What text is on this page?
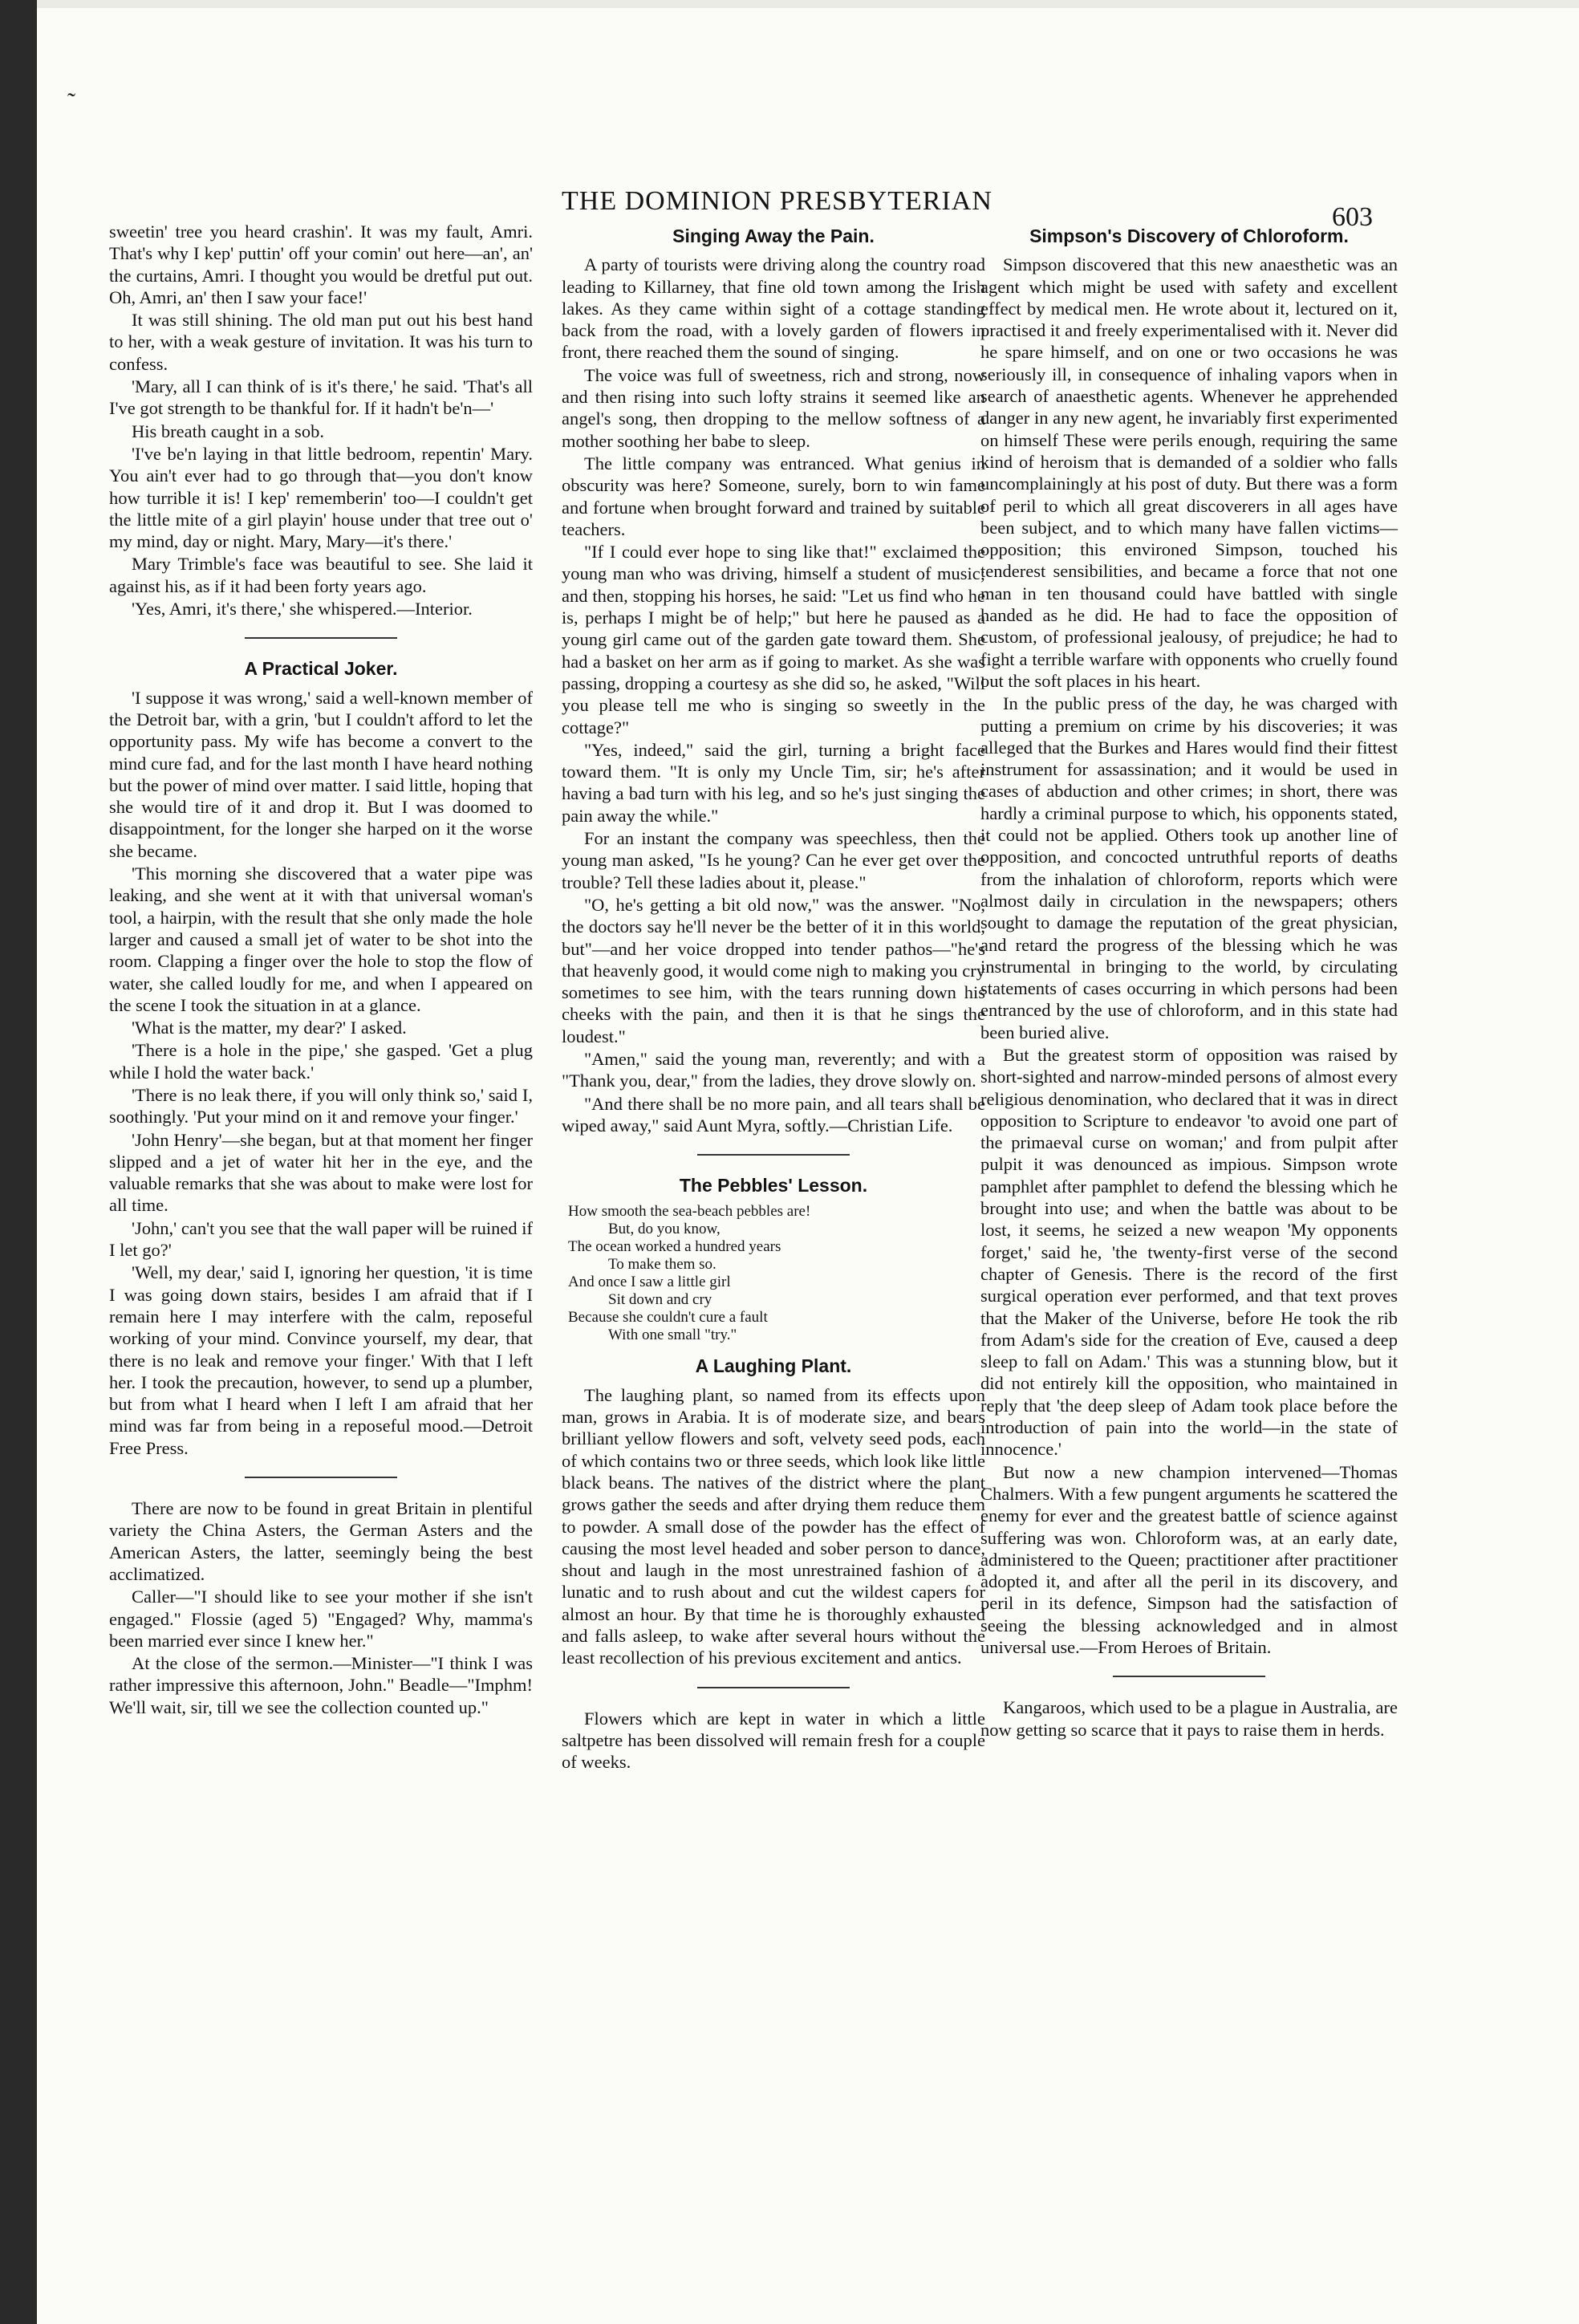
˜
THE DOMINION PRESBYTERIAN
603

sweetin' tree you heard crashin'. It was my fault, Amri. That's why I kep' puttin' off your comin' out here—an', an' the curtains, Amri. I thought you would be dretful put out. Oh, Amri, an' then I saw your face!'

It was still shining. The old man put out his best hand to her, with a weak gesture of invitation. It was his turn to confess.

'Mary, all I can think of is it's there,' he said. 'That's all I've got strength to be thankful for. If it hadn't be'n—'

His breath caught in a sob.

'I've be'n laying in that little bedroom, repentin' Mary. You ain't ever had to go through that—you don't know how turrible it is! I kep' rememberin' too—I couldn't get the little mite of a girl playin' house under that tree out o' my mind, day or night. Mary, Mary—it's there.'

Mary Trimble's face was beautiful to see. She laid it against his, as if it had been forty years ago.

'Yes, Amri, it's there,' she whispered.—Interior.

A Practical Joker.

'I suppose it was wrong,' said a well-known member of the Detroit bar, with a grin, 'but I couldn't afford to let the opportunity pass. My wife has become a convert to the mind cure fad, and for the last month I have heard nothing but the power of mind over matter. I said little, hoping that she would tire of it and drop it. But I was doomed to disappointment, for the longer she harped on it the worse she became.

'This morning she discovered that a water pipe was leaking, and she went at it with that universal woman's tool, a hairpin, with the result that she only made the hole larger and caused a small jet of water to be shot into the room. Clapping a finger over the hole to stop the flow of water, she called loudly for me, and when I appeared on the scene I took the situation in at a glance.

'What is the matter, my dear?' I asked.

'There is a hole in the pipe,' she gasped. 'Get a plug while I hold the water back.'

'There is no leak there, if you will only think so,' said I, soothingly. 'Put your mind on it and remove your finger.'

'John Henry'—she began, but at that moment her finger slipped and a jet of water hit her in the eye, and the valuable remarks that she was about to make were lost for all time.

'John,' can't you see that the wall paper will be ruined if I let go?'

'Well, my dear,' said I, ignoring her question, 'it is time I was going down stairs, besides I am afraid that if I remain here I may interfere with the calm, reposeful working of your mind. Convince yourself, my dear, that there is no leak and remove your finger.' With that I left her. I took the precaution, however, to send up a plumber, but from what I heard when I left I am afraid that her mind was far from being in a reposeful mood.—Detroit Free Press.

There are now to be found in great Britain in plentiful variety the China Asters, the German Asters and the American Asters, the latter, seemingly being the best acclimatized.

Caller—"I should like to see your mother if she isn't engaged." Flossie (aged 5) "Engaged? Why, mamma's been married ever since I knew her."

At the close of the sermon.—Minister—"I think I was rather impressive this afternoon, John." Beadle—"Imphm! We'll wait, sir, till we see the collection counted up."

Singing Away the Pain.

A party of tourists were driving along the country road leading to Killarney, that fine old town among the Irish lakes. As they came within sight of a cottage standing back from the road, with a lovely garden of flowers in front, there reached them the sound of singing.

The voice was full of sweetness, rich and strong, now and then rising into such lofty strains it seemed like an angel's song, then dropping to the mellow softness of a mother soothing her babe to sleep.

The little company was entranced. What genius in obscurity was here? Someone, surely, born to win fame and fortune when brought forward and trained by suitable teachers.

"If I could ever hope to sing like that!" exclaimed the young man who was driving, himself a student of music; and then, stopping his horses, he said: "Let us find who he is, perhaps I might be of help;" but here he paused as a young girl came out of the garden gate toward them. She had a basket on her arm as if going to market. As she was passing, dropping a courtesy as she did so, he asked, "Will you please tell me who is singing so sweetly in the cottage?"

"Yes, indeed," said the girl, turning a bright face toward them. "It is only my Uncle Tim, sir; he's after having a bad turn with his leg, and so he's just singing the pain away the while."

For an instant the company was speechless, then the young man asked, "Is he young? Can he ever get over the trouble? Tell these ladies about it, please."

"O, he's getting a bit old now," was the answer. "No, the doctors say he'll never be the better of it in this world, but"—and her voice dropped into tender pathos—"he's that heavenly good, it would come nigh to making you cry sometimes to see him, with the tears running down his cheeks with the pain, and then it is that he sings the loudest."

"Amen," said the young man, reverently; and with a "Thank you, dear," from the ladies, they drove slowly on.

"And there shall be no more pain, and all tears shall be wiped away," said Aunt Myra, softly.—Christian Life.

The Pebbles' Lesson.
How smooth the sea-beach pebbles are!
But, do you know,
The ocean worked a hundred years
To make them so.
And once I saw a little girl
Sit down and cry
Because she couldn't cure a fault
With one small "try."
A Laughing Plant.

The laughing plant, so named from its effects upon man, grows in Arabia. It is of moderate size, and bears brilliant yellow flowers and soft, velvety seed pods, each of which contains two or three seeds, which look like little black beans. The natives of the district where the plant grows gather the seeds and after drying them reduce them to powder. A small dose of the powder has the effect of causing the most level headed and sober person to dance, shout and laugh in the most unrestrained fashion of a lunatic and to rush about and cut the wildest capers for almost an hour. By that time he is thoroughly exhausted and falls asleep, to wake after several hours without the least recollection of his previous excitement and antics.

Flowers which are kept in water in which a little saltpetre has been dissolved will remain fresh for a couple of weeks.

Simpson's Discovery of Chloroform.

Simpson discovered that this new anaesthetic was an agent which might be used with safety and excellent effect by medical men. He wrote about it, lectured on it, practised it and freely experimentalised with it. Never did he spare himself, and on one or two occasions he was seriously ill, in consequence of inhaling vapors when in search of anaesthetic agents. Whenever he apprehended danger in any new agent, he invariably first experimented on himself These were perils enough, requiring the same kind of heroism that is demanded of a soldier who falls uncomplainingly at his post of duty. But there was a form of peril to which all great discoverers in all ages have been subject, and to which many have fallen victims—opposition; this environed Simpson, touched his tenderest sensibilities, and became a force that not one man in ten thousand could have battled with single handed as he did. He had to face the opposition of custom, of professional jealousy, of prejudice; he had to fight a terrible warfare with opponents who cruelly found out the soft places in his heart.

In the public press of the day, he was charged with putting a premium on crime by his discoveries; it was alleged that the Burkes and Hares would find their fittest instrument for assassination; and it would be used in cases of abduction and other crimes; in short, there was hardly a criminal purpose to which, his opponents stated, it could not be applied. Others took up another line of opposition, and concocted untruthful reports of deaths from the inhalation of chloroform, reports which were almost daily in circulation in the newspapers; others sought to damage the reputation of the great physician, and retard the progress of the blessing which he was instrumental in bringing to the world, by circulating statements of cases occurring in which persons had been entranced by the use of chloroform, and in this state had been buried alive.

But the greatest storm of opposition was raised by short-sighted and narrow-minded persons of almost every religious denomination, who declared that it was in direct opposition to Scripture to endeavor 'to avoid one part of the primaeval curse on woman;' and from pulpit after pulpit it was denounced as impious. Simpson wrote pamphlet after pamphlet to defend the blessing which he brought into use; and when the battle was about to be lost, it seems, he seized a new weapon 'My opponents forget,' said he, 'the twenty-first verse of the second chapter of Genesis. There is the record of the first surgical operation ever performed, and that text proves that the Maker of the Universe, before He took the rib from Adam's side for the creation of Eve, caused a deep sleep to fall on Adam.' This was a stunning blow, but it did not entirely kill the opposition, who maintained in reply that 'the deep sleep of Adam took place before the introduction of pain into the world—in the state of innocence.'

But now a new champion intervened—Thomas Chalmers. With a few pungent arguments he scattered the enemy for ever and the greatest battle of science against suffering was won. Chloroform was, at an early date, administered to the Queen; practitioner after practitioner adopted it, and after all the peril in its discovery, and peril in its defence, Simpson had the satisfaction of seeing the blessing acknowledged and in almost universal use.—From Heroes of Britain.

Kangaroos, which used to be a plague in Australia, are now getting so scarce that it pays to raise them in herds.
